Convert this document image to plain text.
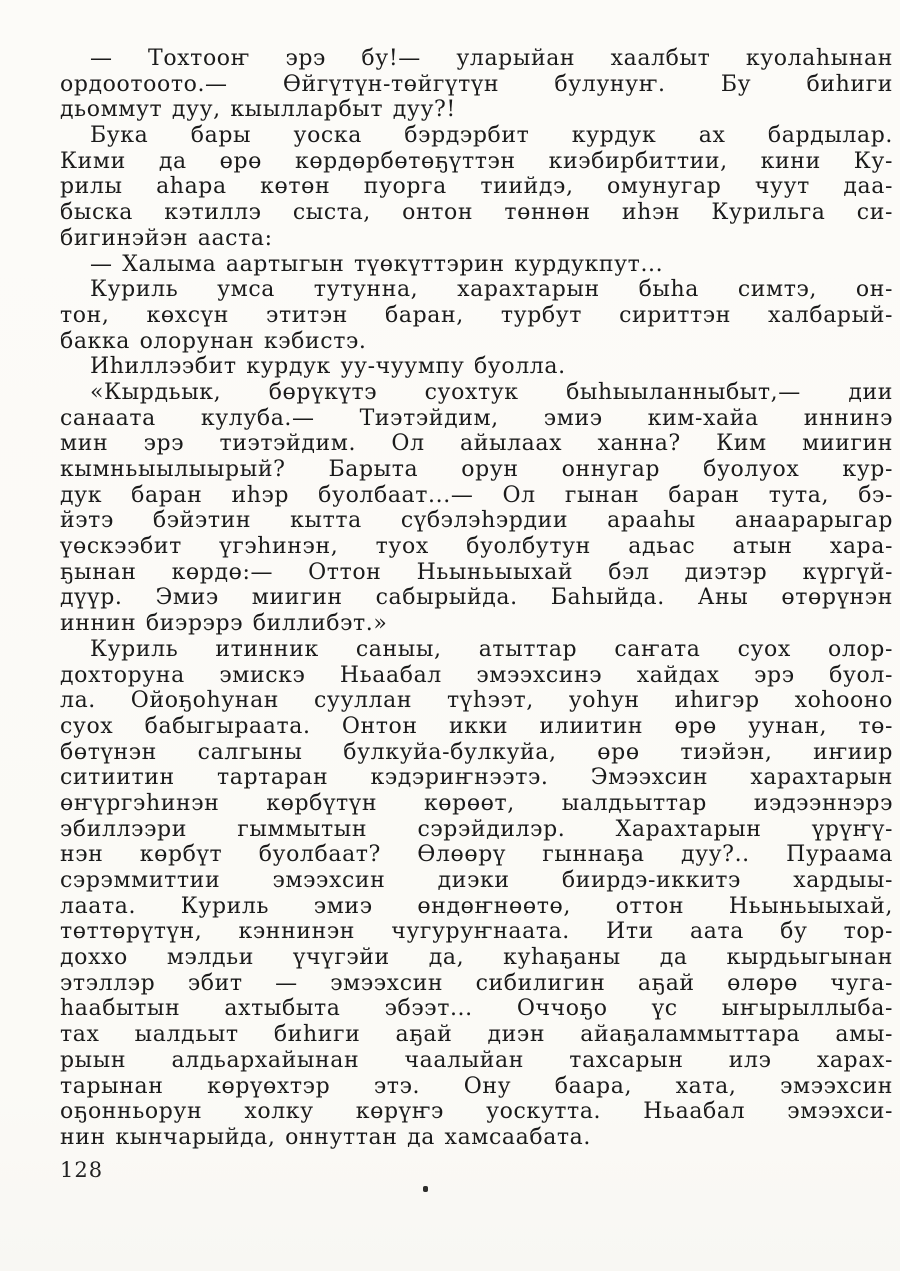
— Тохтооҥ эрэ бу!— уларыйан хаалбыт куолаһынан
ордоотоото.— Өйгүтүн-төйгүтүн булунуҥ. Бу биһиги
дьоммут дуу, кыылларбыт дуу?!
Бука бары уоска бэрдэрбит курдук ах бардылар.
Кими да өрө көрдөрбөтөҕүттэн киэбирбиттии, кини Ку-
рилы аһара көтөн пуорга тиийдэ, омунугар чуут даа-
быска кэтиллэ сыста, онтон төннөн иһэн Курильга си-
бигинэйэн ааста:
— Халыма аартыгын түөкүттэрин курдукпут...
Куриль умса тутунна, харахтарын быһа симтэ, он-
тон, көхсүн этитэн баран, турбут сириттэн халбарый-
бакка олорунан кэбистэ.
Иһиллээбит курдук уу-чуумпу буолла.
«Кырдьык, бөрүкүтэ суохтук быһыыланныбыт,— дии
санаата кулуба.— Тиэтэйдим, эмиэ ким-хайа иннинэ
мин эрэ тиэтэйдим. Ол айылаах ханна? Ким миигин
кымньыылыырый? Барыта орун оннугар буолуох кур-
дук баран иһэр буолбаат...— Ол гынан баран тута, бэ-
йэтэ бэйэтин кытта сүбэлэһэрдии арааһы анаарарыгар
үөскээбит үгэһинэн, туох буолбутун адьас атын хара-
ҕынан көрдө:— Оттон Ньыньыыхай бэл диэтэр күргүй-
дүүр. Эмиэ миигин сабырыйда. Баһыйда. Аны өтөрүнэн
иннин биэрэрэ биллибэт.»
Куриль итинник саныы, атыттар саҥата суох олор-
дохторуна эмискэ Ньаабал эмээхсинэ хайдах эрэ буол-
ла. Ойоҕоһунан сууллан түһээт, уоһун иһигэр хоһооно
суох бабыгыраата. Онтон икки илиитин өрө уунан, тө-
бөтүнэн салгыны булкуйа-булкуйа, өрө тиэйэн, иҥиир
ситиитин тартаран кэдэриҥнээтэ. Эмээхсин харахтарын
өҥүргэһинэн көрбүтүн көрөөт, ыалдьыттар иэдээннэрэ
эбиллээри гыммытын сэрэйдилэр. Харахтарын үрүҥү-
нэн көрбүт буолбаат? Өлөөрү гыннаҕа дуу?.. Пураама
сэрэммиттии эмээхсин диэки биирдэ-иккитэ хардыы-
лаата. Куриль эмиэ өндөҥнөөтө, оттон Ньыньыыхай,
төттөрүтүн, кэннинэн чугуруҥнаата. Ити аата бу тор-
доххо мэлдьи үчүгэйи да, куһаҕаны да кырдьыгынан
этэллэр эбит — эмээхсин сибилигин аҕай өлөрө чуга-
һаабытын ахтыбыта эбээт... Оччоҕо үс ыҥырыллыба-
тах ыалдьыт биһиги аҕай диэн айаҕаламмыттара амы-
рыын алдьархайынан чаалыйан тахсарын илэ харах-
тарынан көрүөхтэр этэ. Ону баара, хата, эмээхсин
оҕонньорун холку көрүҥэ уоскутта. Ньаабал эмээхси-
нин кынчарыйда, оннуттан да хамсаабата.
128
